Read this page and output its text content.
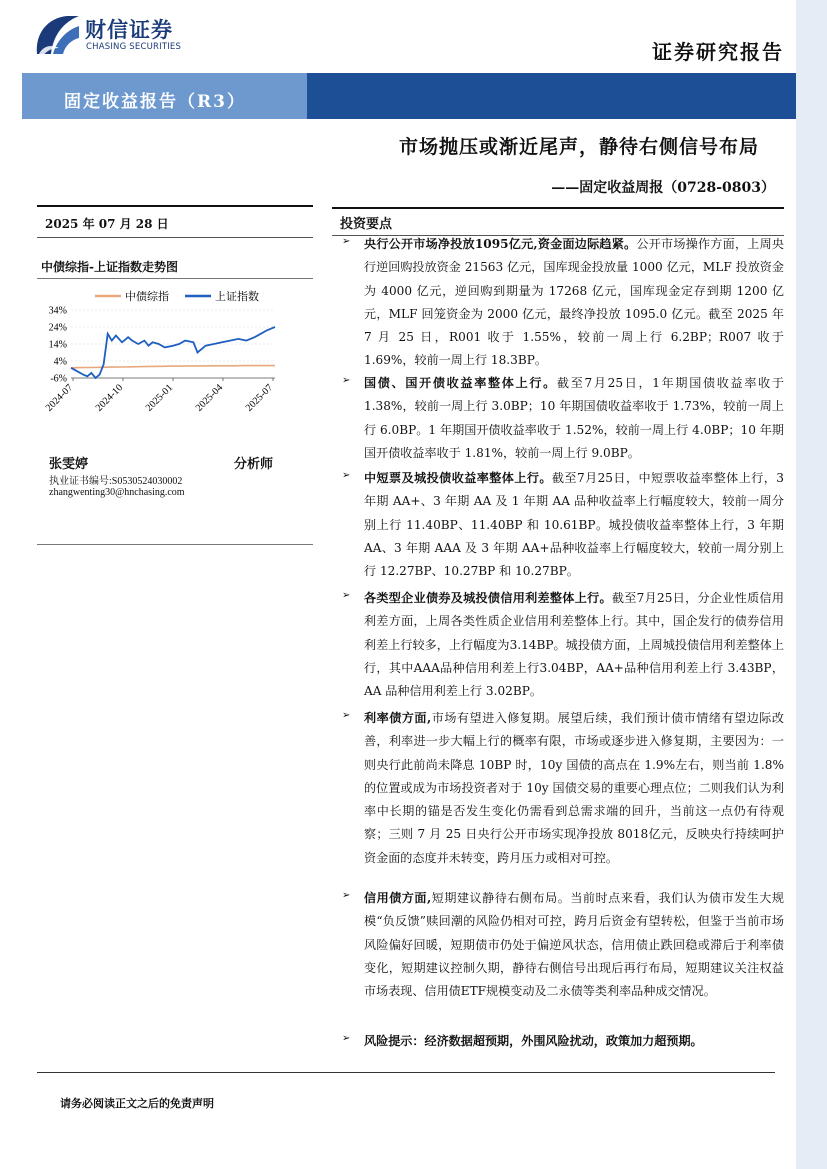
财信证券
CHASING SECURITIES	证券研究报告
固定收益报告（R3）
市场抛压或渐近尾声，静待右侧信号布局
——固定收益周报（0728-0803）
2025 年 07 月 28 日
中债综指-上证指数走势图
中债综指	上证指数
34%
24%
14%
4%
-6%
2024-07 2024-10 2025-01 2025-04 2025-07
张雯婷	分析师
执业证书编号:S0530524030002
zhangwenting30@hnchasing.com
投资要点
➢ 央行公开市场净投放1095亿元,资金面边际趋紧。公开市场操作方面，上周央行逆回购投放资金 21563 亿元，国库现金投放量 1000 亿元，MLF 投放资金为 4000 亿元，逆回购到期量为 17268 亿元，国库现金定存到期 1200 亿元，MLF 回笼资金为 2000 亿元，最终净投放 1095.0 亿元。截至 2025 年 7 月 25 日，R001 收于 1.55%，较前一周上行 6.2BP；R007 收于 1.69%，较前一周上行 18.3BP。
➢ 国债、国开债收益率整体上行。截至7月25日，1年期国债收益率收于 1.38%，较前一周上行 3.0BP；10 年期国债收益率收于 1.73%，较前一周上行 6.0BP。1 年期国开债收益率收于 1.52%，较前一周上行 4.0BP；10 年期国开债收益率收于 1.81%，较前一周上行 9.0BP。
➢ 中短票及城投债收益率整体上行。截至7月25日，中短票收益率整体上行，3 年期 AA+、3 年期 AA 及 1 年期 AA 品种收益率上行幅度较大，较前一周分别上行 11.40BP、11.40BP 和 10.61BP。城投债收益率整体上行，3 年期 AA、3 年期 AAA 及 3 年期 AA+品种收益率上行幅度较大，较前一周分别上行 12.27BP、10.27BP 和 10.27BP。
➢ 各类型企业债券及城投债信用利差整体上行。截至7月25日，分企业性质信用利差方面，上周各类性质企业信用利差整体上行。其中，国企发行的债券信用利差上行较多，上行幅度为3.14BP。城投债方面，上周城投债信用利差整体上行，其中AAA品种信用利差上行3.04BP，AA+品种信用利差上行 3.43BP，AA 品种信用利差上行 3.02BP。
➢ 利率债方面,市场有望进入修复期。展望后续，我们预计债市情绪有望边际改善，利率进一步大幅上行的概率有限，市场或逐步进入修复期，主要因为：一则央行此前尚未降息 10BP 时，10y 国债的高点在 1.9%左右，则当前 1.8%的位置或成为市场投资者对于 10y 国债交易的重要心理点位；二则我们认为利率中长期的锚是否发生变化仍需看到总需求端的回升，当前这一点仍有待观察；三则 7 月 25 日央行公开市场实现净投放 8018亿元，反映央行持续呵护资金面的态度并未转变，跨月压力或相对可控。
➢ 信用债方面,短期建议静待右侧布局。当前时点来看，我们认为债市发生大规模“负反馈”赎回潮的风险仍相对可控，跨月后资金有望转松，但鉴于当前市场风险偏好回暖，短期债市仍处于偏逆风状态，信用债止跌回稳或滞后于利率债变化，短期建议控制久期，静待右侧信号出现后再行布局，短期建议关注权益市场表现、信用债ETF规模变动及二永债等类利率品种成交情况。
➢ 风险提示：经济数据超预期，外围风险扰动，政策加力超预期。
请务必阅读正文之后的免责声明
